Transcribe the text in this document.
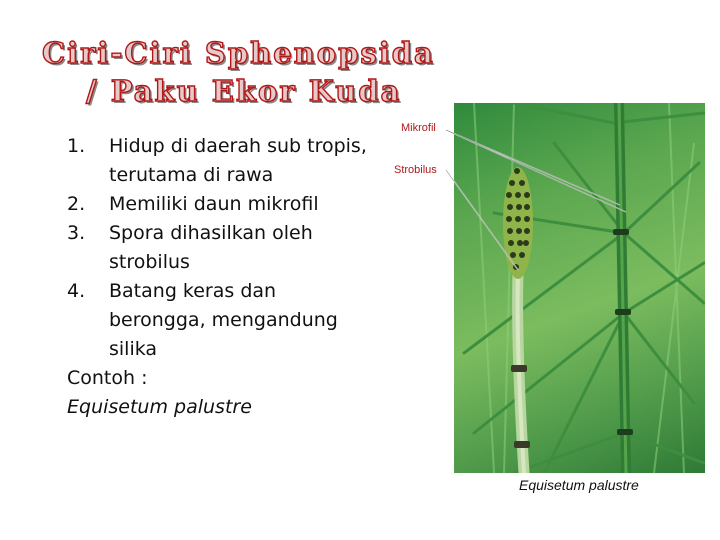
Ciri-Ciri Sphenopsida
/ Paku Ekor Kuda
1. Hidup di daerah sub tropis, terutama di rawa
2. Memiliki daun mikrofil
3. Spora dihasilkan oleh strobilus
4. Batang keras dan berongga, mengandung silika
Contoh :
Equisetum palustre
Mikrofil
Strobilus
Equisetum palustre
